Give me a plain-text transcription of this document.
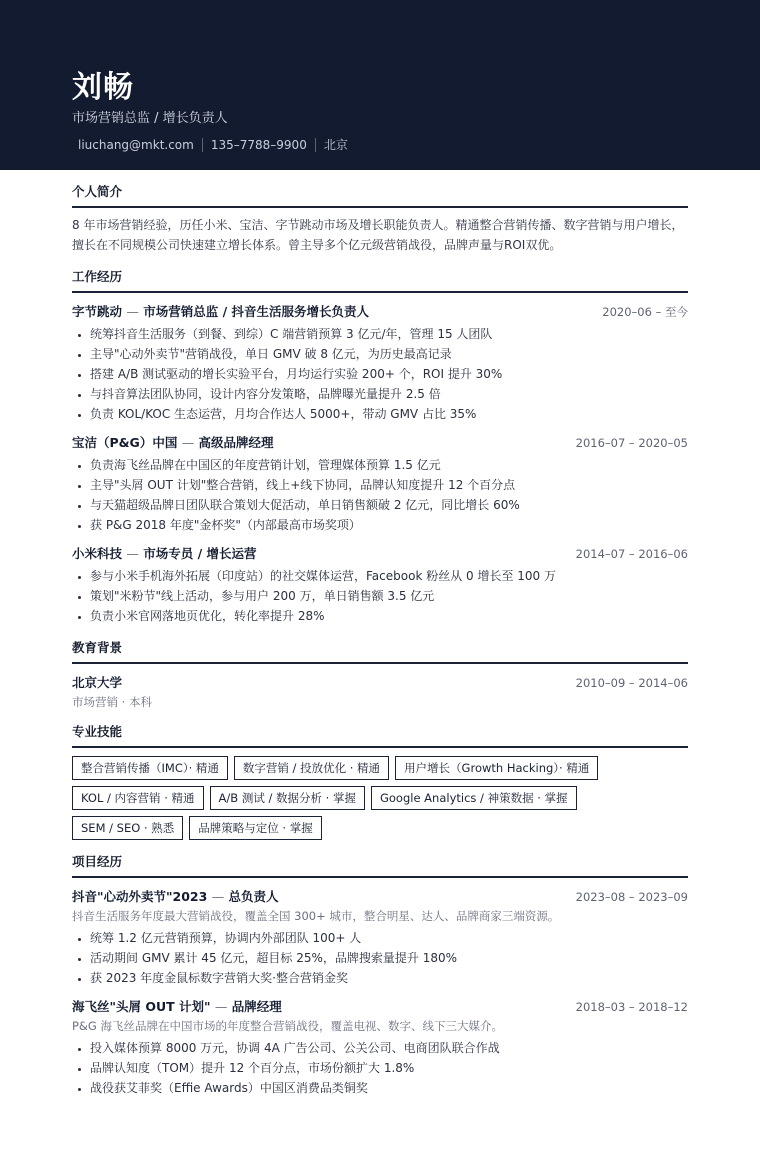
刘畅
市场营销总监 / 增长负责人
liuchang@mkt.com	135–7788–9900	北京
个人简介
8 年市场营销经验，历任小米、宝洁、字节跳动市场及增长职能负责人。精通整合营销传播、数字营销与用户增长，擅长在不同规模公司快速建立增长体系。曾主导多个亿元级营销战役，品牌声量与ROI双优。
工作经历
字节跳动 — 市场营销总监 / 抖音生活服务增长负责人	2020–06 – 至今
• 统筹抖音生活服务（到餐、到综）C 端营销预算 3 亿元/年，管理 15 人团队
• 主导"心动外卖节"营销战役，单日 GMV 破 8 亿元，为历史最高记录
• 搭建 A/B 测试驱动的增长实验平台，月均运行实验 200+ 个，ROI 提升 30%
• 与抖音算法团队协同，设计内容分发策略，品牌曝光量提升 2.5 倍
• 负责 KOL/KOC 生态运营，月均合作达人 5000+，带动 GMV 占比 35%
宝洁（P&G）中国 — 高级品牌经理	2016–07 – 2020–05
• 负责海飞丝品牌在中国区的年度营销计划，管理媒体预算 1.5 亿元
• 主导"头屑 OUT 计划"整合营销，线上+线下协同，品牌认知度提升 12 个百分点
• 与天猫超级品牌日团队联合策划大促活动，单日销售额破 2 亿元，同比增长 60%
• 获 P&G 2018 年度"金杯奖"（内部最高市场奖项）
小米科技 — 市场专员 / 增长运营	2014–07 – 2016–06
• 参与小米手机海外拓展（印度站）的社交媒体运营，Facebook 粉丝从 0 增长至 100 万
• 策划"米粉节"线上活动，参与用户 200 万，单日销售额 3.5 亿元
• 负责小米官网落地页优化，转化率提升 28%
教育背景
北京大学	2010–09 – 2014–06
市场营销 · 本科
专业技能
整合营销传播（IMC）· 精通	数字营销 / 投放优化 · 精通	用户增长（Growth Hacking）· 精通
KOL / 内容营销 · 精通	A/B 测试 / 数据分析 · 掌握	Google Analytics / 神策数据 · 掌握
SEM / SEO · 熟悉	品牌策略与定位 · 掌握
项目经历
抖音"心动外卖节"2023 — 总负责人	2023–08 – 2023–09
抖音生活服务年度最大营销战役，覆盖全国 300+ 城市，整合明星、达人、品牌商家三端资源。
• 统筹 1.2 亿元营销预算，协调内外部团队 100+ 人
• 活动期间 GMV 累计 45 亿元，超目标 25%，品牌搜索量提升 180%
• 获 2023 年度金鼠标数字营销大奖·整合营销金奖
海飞丝"头屑 OUT 计划" — 品牌经理	2018–03 – 2018–12
P&G 海飞丝品牌在中国市场的年度整合营销战役，覆盖电视、数字、线下三大媒介。
• 投入媒体预算 8000 万元，协调 4A 广告公司、公关公司、电商团队联合作战
• 品牌认知度（TOM）提升 12 个百分点，市场份额扩大 1.8%
• 战役获艾菲奖（Effie Awards）中国区消费品类铜奖
